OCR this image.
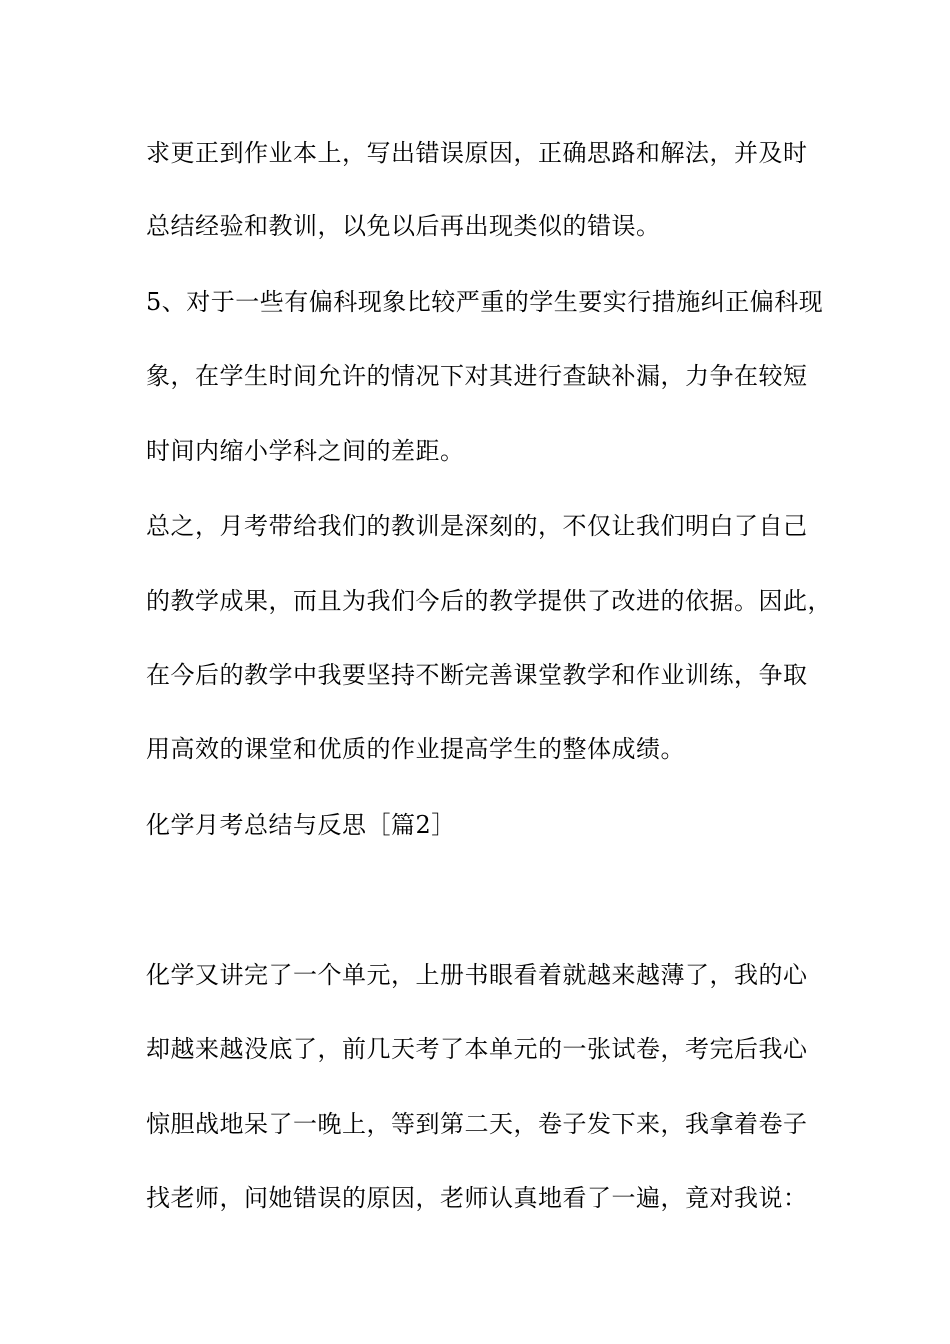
求更正到作业本上，写出错误原因，正确思路和解法，并及时
总结经验和教训，以免以后再出现类似的错误。
5、对于一些有偏科现象比较严重的学生要实行措施纠正偏科现
象，在学生时间允许的情况下对其进行查缺补漏，力争在较短
时间内缩小学科之间的差距。
总之，月考带给我们的教训是深刻的，不仅让我们明白了自己
的教学成果，而且为我们今后的教学提供了改进的依据。因此，
在今后的教学中我要坚持不断完善课堂教学和作业训练，争取
用高效的课堂和优质的作业提高学生的整体成绩。
化学月考总结与反思［篇2］
化学又讲完了一个单元，上册书眼看着就越来越薄了，我的心
却越来越没底了，前几天考了本单元的一张试卷，考完后我心
惊胆战地呆了一晚上，等到第二天，卷子发下来，我拿着卷子
找老师，问她错误的原因，老师认真地看了一遍，竟对我说：
